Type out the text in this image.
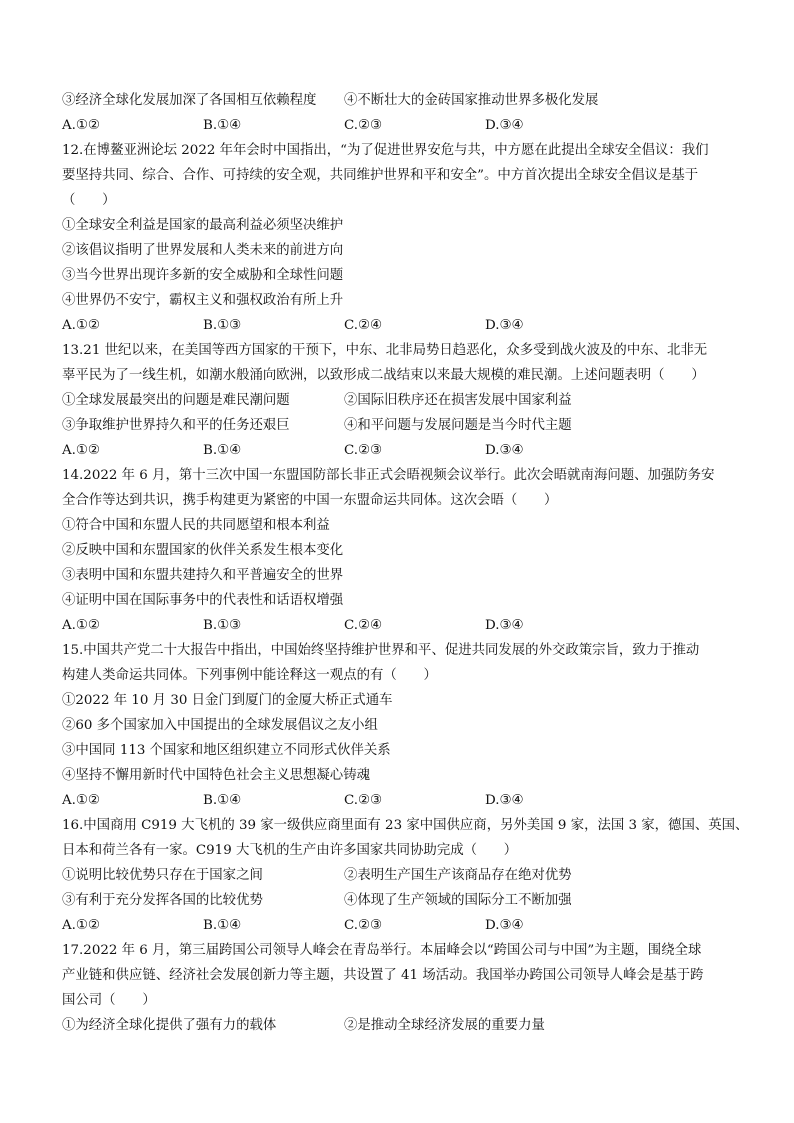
③经济全球化发展加深了各国相互依赖程度	④不断壮大的金砖国家推动世界多极化发展
A.①②	B.①④	C.②③	D.③④
12.在博鳌亚洲论坛 2022 年年会时中国指出，“为了促进世界安危与共，中方愿在此提出全球安全倡议：我们
要坚持共同、综合、合作、可持续的安全观，共同维护世界和平和安全”。中方首次提出全球安全倡议是基于
（　　）
①全球安全利益是国家的最高利益必须坚决维护
②该倡议指明了世界发展和人类未来的前进方向
③当今世界出现许多新的安全威胁和全球性问题
④世界仍不安宁，霸权主义和强权政治有所上升
A.①②	B.①③	C.②④	D.③④
13.21 世纪以来，在美国等西方国家的干预下，中东、北非局势日趋恶化，众多受到战火波及的中东、北非无
辜平民为了一线生机，如潮水般涌向欧洲，以致形成二战结束以来最大规模的难民潮。上述问题表明（　　）
①全球发展最突出的问题是难民潮问题	②国际旧秩序还在损害发展中国家利益
③争取维护世界持久和平的任务还艰巨	④和平问题与发展问题是当今时代主题
A.①②	B.①④	C.②③	D.③④
14.2022 年 6 月，第十三次中国一东盟国防部长非正式会晤视频会议举行。此次会晤就南海问题、加强防务安
全合作等达到共识，携手构建更为紧密的中国一东盟命运共同体。这次会晤（　　）
①符合中国和东盟人民的共同愿望和根本利益
②反映中国和东盟国家的伙伴关系发生根本变化
③表明中国和东盟共建持久和平普遍安全的世界
④证明中国在国际事务中的代表性和话语权增强
A.①②	B.①③	C.②④	D.③④
15.中国共产党二十大报告中指出，中国始终坚持维护世界和平、促进共同发展的外交政策宗旨，致力于推动
构建人类命运共同体。下列事例中能诠释这一观点的有（　　）
①2022 年 10 月 30 日金门到厦门的金厦大桥正式通车
②60 多个国家加入中国提出的全球发展倡议之友小组
③中国同 113 个国家和地区组织建立不同形式伙伴关系
④坚持不懈用新时代中国特色社会主义思想凝心铸魂
A.①②	B.①④	C.②③	D.③④
16.中国商用 C919 大飞机的 39 家一级供应商里面有 23 家中国供应商，另外美国 9 家，法国 3 家，德国、英国、
日本和荷兰各有一家。C919 大飞机的生产由许多国家共同协助完成（　　）
①说明比较优势只存在于国家之间	②表明生产国生产该商品存在绝对优势
③有利于充分发挥各国的比较优势	④体现了生产领域的国际分工不断加强
A.①②	B.①④	C.②③	D.③④
17.2022 年 6 月，第三届跨国公司领导人峰会在青岛举行。本届峰会以“跨国公司与中国”为主题，围绕全球
产业链和供应链、经济社会发展创新力等主题，共设置了 41 场活动。我国举办跨国公司领导人峰会是基于跨
国公司（　　）
①为经济全球化提供了强有力的载体	②是推动全球经济发展的重要力量
